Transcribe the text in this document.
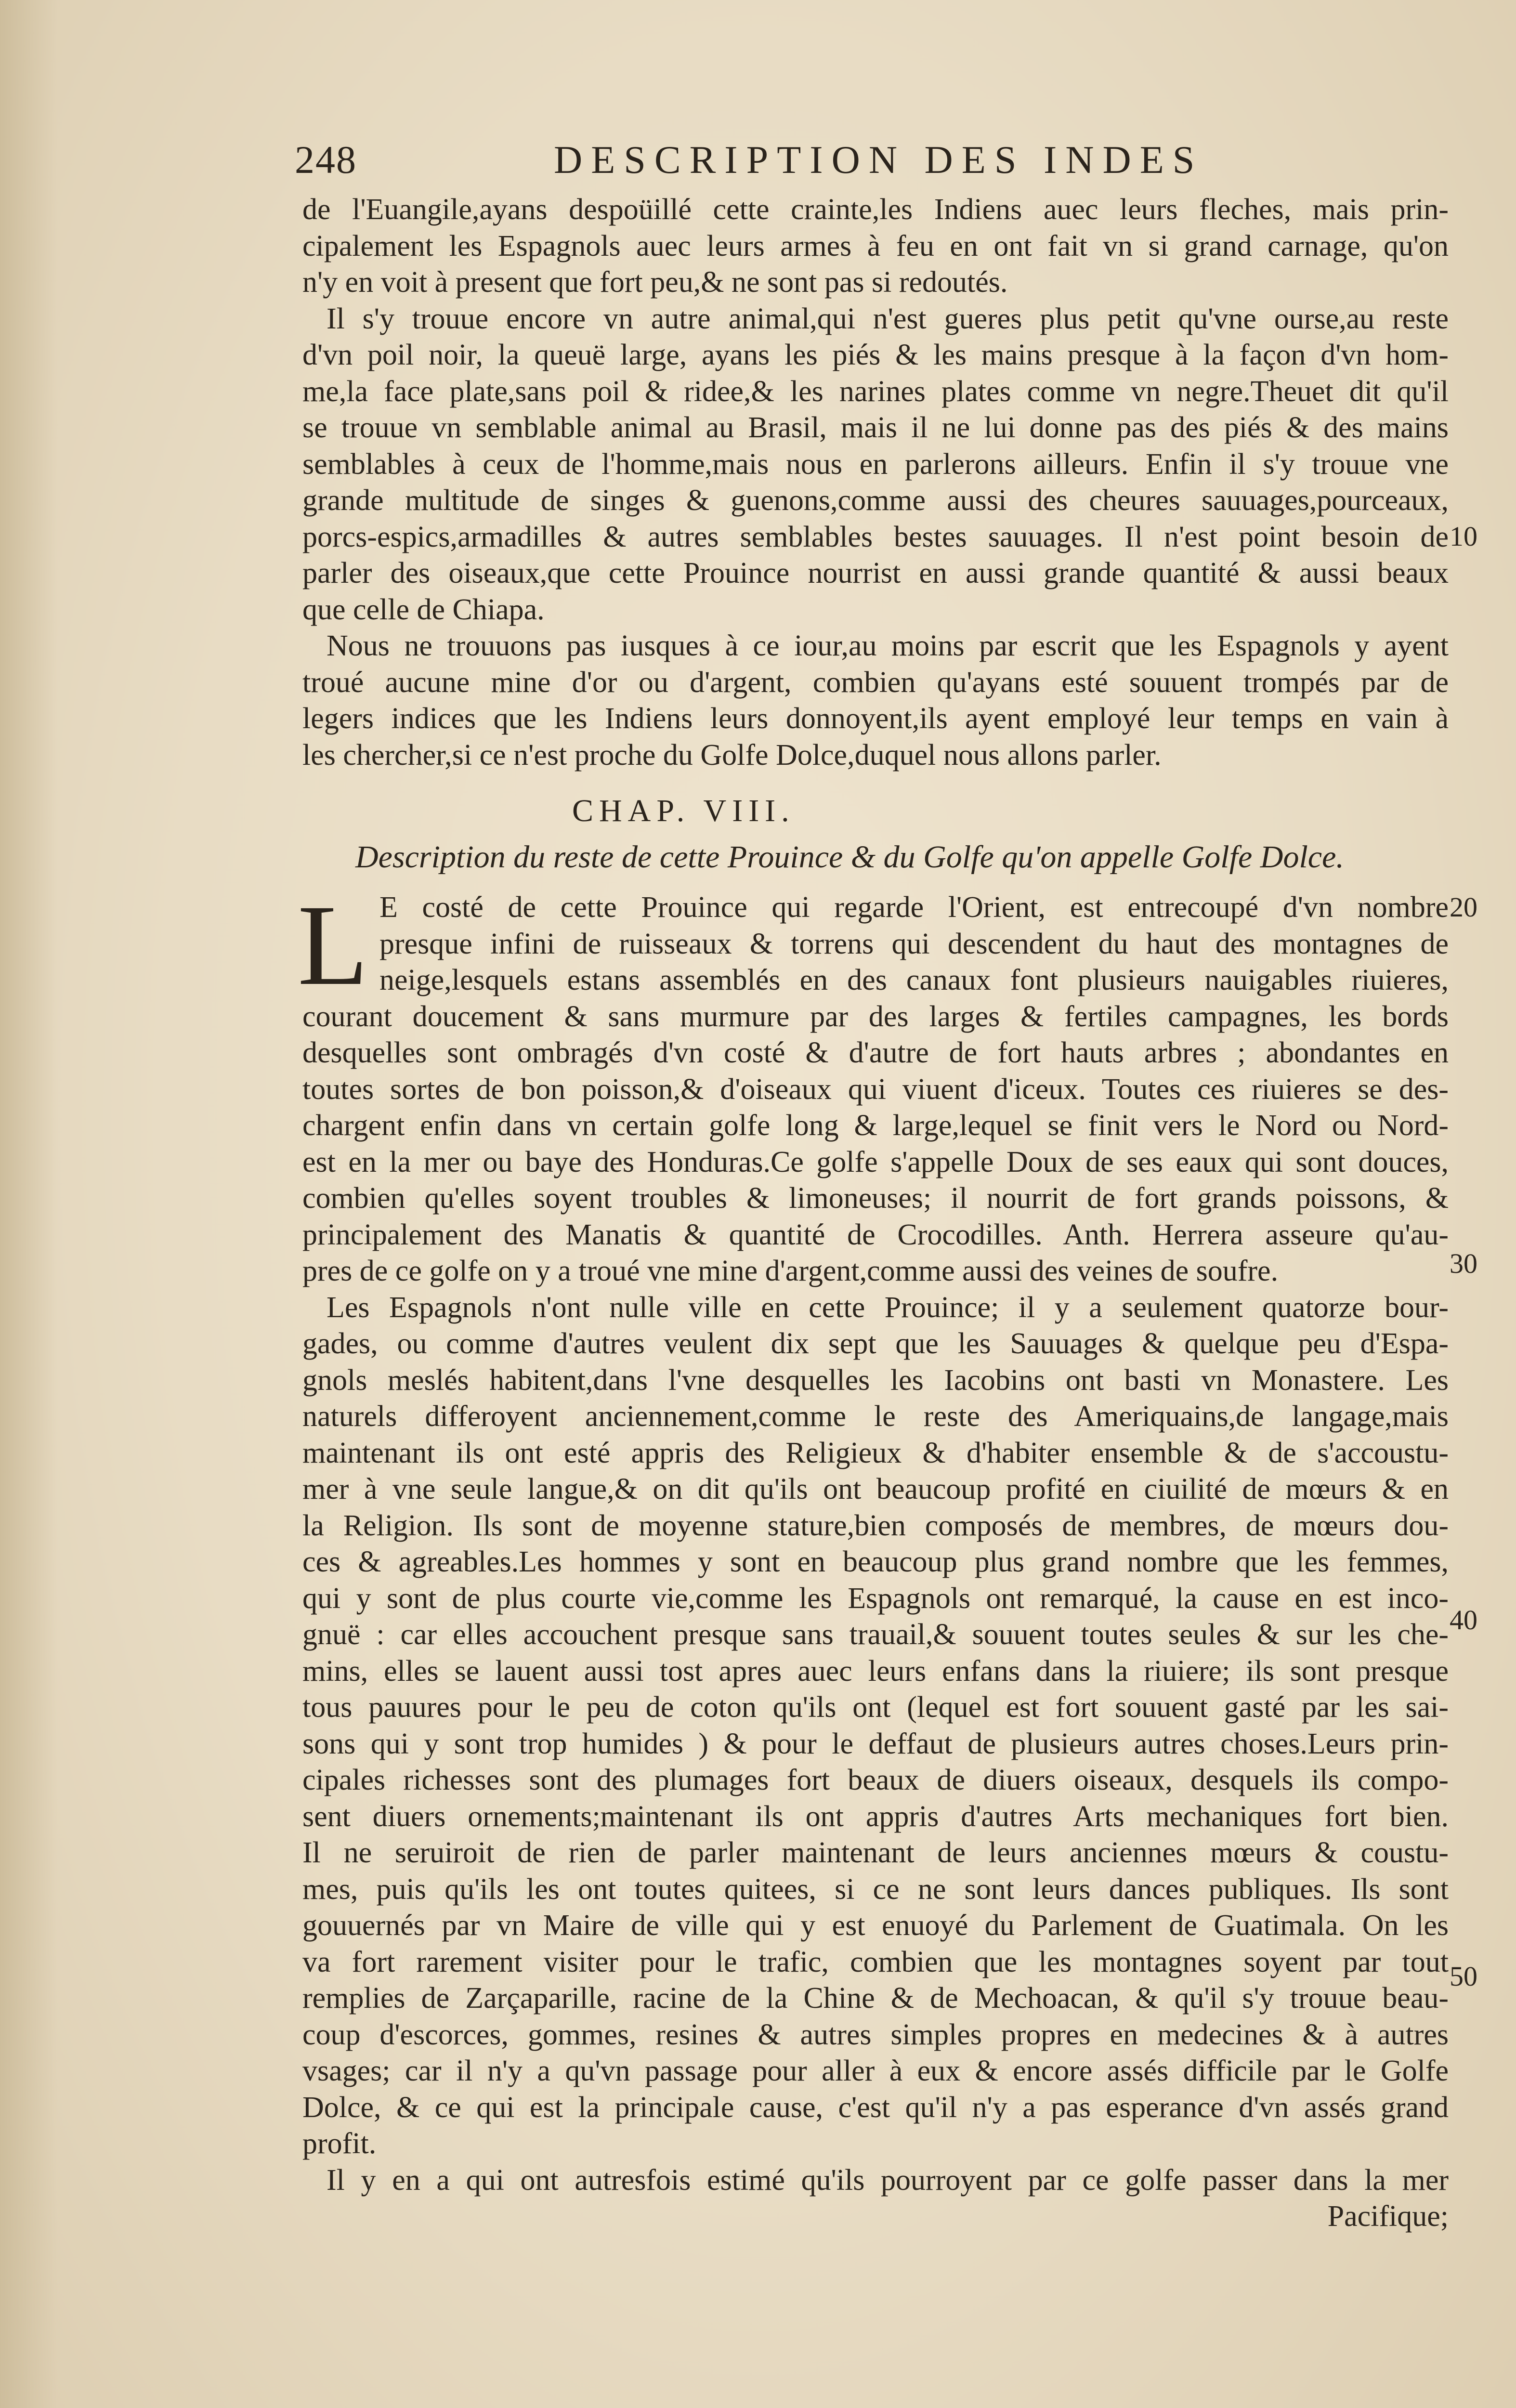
248	DESCRIPTION DES INDES
de l'Euangile,ayans despoüillé cette crainte,les Indiens auec leurs fleches, mais prin-
cipalement les Espagnols auec leurs armes à feu en ont fait vn si grand carnage, qu'on
n'y en voit à present que fort peu,& ne sont pas si redoutés.
Il s'y trouue encore vn autre animal,qui n'est gueres plus petit qu'vne ourse,au reste
d'vn poil noir, la queuë large, ayans les piés & les mains presque à la façon d'vn hom-
me,la face plate,sans poil & ridee,& les narines plates comme vn negre.Theuet dit qu'il
se trouue vn semblable animal au Brasil, mais il ne lui donne pas des piés & des mains
semblables à ceux de l'homme,mais nous en parlerons ailleurs. Enfin il s'y trouue vne
grande multitude de singes & guenons,comme aussi des cheures sauuages,pourceaux,
porcs-espics,armadilles & autres semblables bestes sauuages. Il n'est point besoin de
parler des oiseaux,que cette Prouince nourrist en aussi grande quantité & aussi beaux
que celle de Chiapa.
Nous ne trouuons pas iusques à ce iour,au moins par escrit que les Espagnols y ayent
troué aucune mine d'or ou d'argent, combien qu'ayans esté souuent trompés par de
legers indices que les Indiens leurs donnoyent,ils ayent employé leur temps en vain à
les chercher,si ce n'est proche du Golfe Dolce,duquel nous allons parler.
CHAP. VIII.
Description du reste de cette Prouince & du Golfe qu'on appelle Golfe Dolce.
L E costé de cette Prouince qui regarde l'Orient, est entrecoupé d'vn nombre
presque infini de ruisseaux & torrens qui descendent du haut des montagnes de
neige,lesquels estans assemblés en des canaux font plusieurs nauigables riuieres,
courant doucement & sans murmure par des larges & fertiles campagnes, les bords
desquelles sont ombragés d'vn costé & d'autre de fort hauts arbres ; abondantes en
toutes sortes de bon poisson,& d'oiseaux qui viuent d'iceux. Toutes ces riuieres se des-
chargent enfin dans vn certain golfe long & large,lequel se finit vers le Nord ou Nord-
est en la mer ou baye des Honduras.Ce golfe s'appelle Doux de ses eaux qui sont douces,
combien qu'elles soyent troubles & limoneuses; il nourrit de fort grands poissons, &
principalement des Manatis & quantité de Crocodilles. Anth. Herrera asseure qu'au-
pres de ce golfe on y a troué vne mine d'argent,comme aussi des veines de soufre.
Les Espagnols n'ont nulle ville en cette Prouince; il y a seulement quatorze bour-
gades, ou comme d'autres veulent dix sept que les Sauuages & quelque peu d'Espa-
gnols meslés habitent,dans l'vne desquelles les Iacobins ont basti vn Monastere. Les
naturels differoyent anciennement,comme le reste des Ameriquains,de langage,mais
maintenant ils ont esté appris des Religieux & d'habiter ensemble & de s'accoustu-
mer à vne seule langue,& on dit qu'ils ont beaucoup profité en ciuilité de mœurs & en
la Religion. Ils sont de moyenne stature,bien composés de membres, de mœurs dou-
ces & agreables.Les hommes y sont en beaucoup plus grand nombre que les femmes,
qui y sont de plus courte vie,comme les Espagnols ont remarqué, la cause en est inco-
gnuë : car elles accouchent presque sans trauail,& souuent toutes seules & sur les che-
mins, elles se lauent aussi tost apres auec leurs enfans dans la riuiere; ils sont presque
tous pauures pour le peu de coton qu'ils ont (lequel est fort souuent gasté par les sai-
sons qui y sont trop humides ) & pour le deffaut de plusieurs autres choses.Leurs prin-
cipales richesses sont des plumages fort beaux de diuers oiseaux, desquels ils compo-
sent diuers ornements;maintenant ils ont appris d'autres Arts mechaniques fort bien.
Il ne seruiroit de rien de parler maintenant de leurs anciennes mœurs & coustu-
mes, puis qu'ils les ont toutes quitees, si ce ne sont leurs dances publiques. Ils sont
gouuernés par vn Maire de ville qui y est enuoyé du Parlement de Guatimala. On les
va fort rarement visiter pour le trafic, combien que les montagnes soyent par tout
remplies de Zarçaparille, racine de la Chine & de Mechoacan, & qu'il s'y trouue beau-
coup d'escorces, gommes, resines & autres simples propres en medecines & à autres
vsages; car il n'y a qu'vn passage pour aller à eux & encore assés difficile par le Golfe
Dolce, & ce qui est la principale cause, c'est qu'il n'y a pas esperance d'vn assés grand
profit.
Il y en a qui ont autresfois estimé qu'ils pourroyent par ce golfe passer dans la mer
Pacifique;
10
20
30
40
50
